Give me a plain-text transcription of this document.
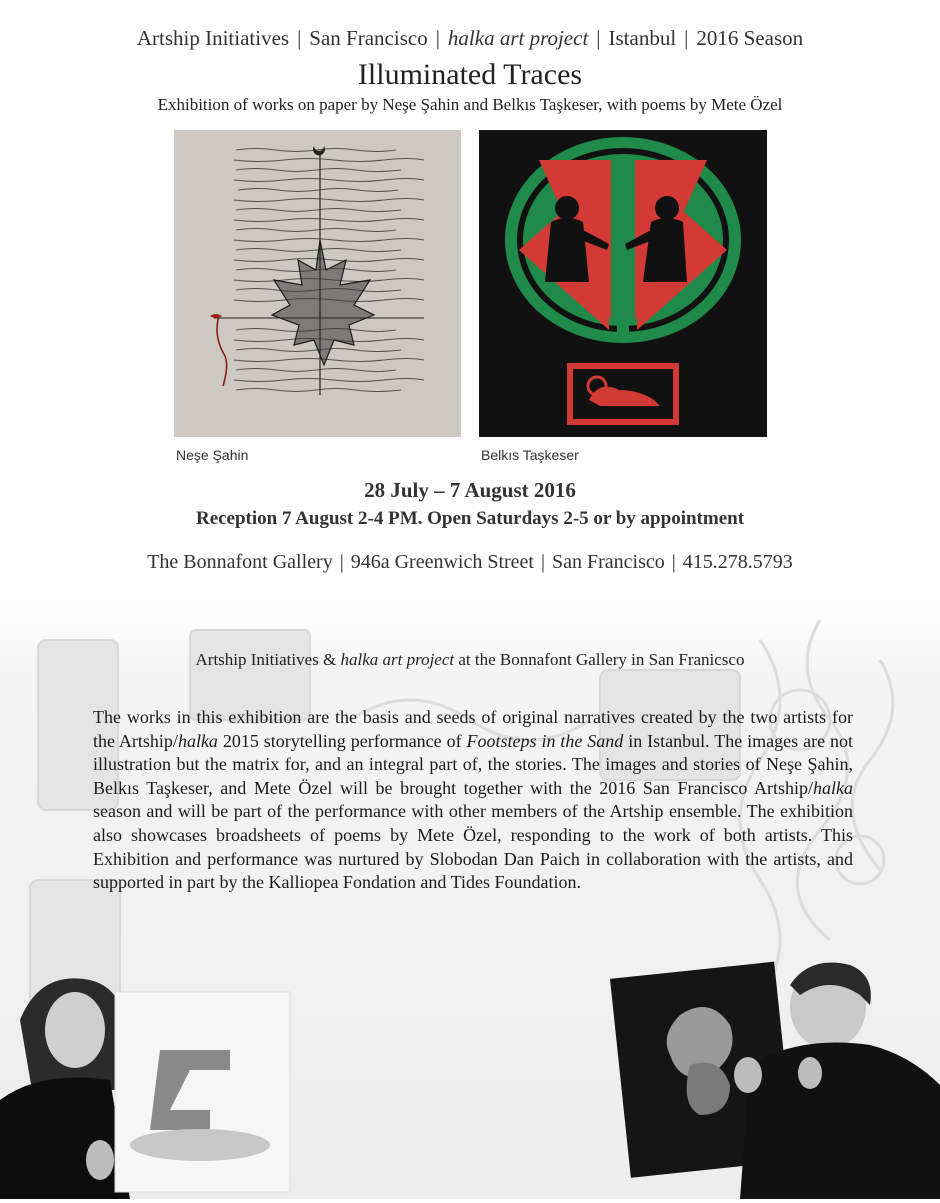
Artship Initiatives | San Francisco | halka art project | Istanbul | 2016 Season
Illuminated Traces
Exhibition of works on paper by Neşe Şahin and Belkıs Taşkeser, with poems by Mete Özel
Neşe Şahin	Belkıs Taşkeser
28 July – 7 August 2016
Reception 7 August 2-4 PM. Open Saturdays 2-5 or by appointment
The Bonnafont Gallery | 946a Greenwich Street | San Francisco | 415.278.5793
Artship Initiatives & halka art project at the Bonnafont Gallery in San Franicsco
The works in this exhibition are the basis and seeds of original narratives created by the two artists for the Artship/halka 2015 storytelling performance of Footsteps in the Sand in Istanbul. The images are not illustration but the matrix for, and an integral part of, the stories. The images and stories of Neşe Şahin, Belkıs Taşkeser, and Mete Özel will be brought together with the 2016 San Francisco Artship/halka season and will be part of the performance with other members of the Artship ensemble. The exhibition also showcases broadsheets of poems by Mete Özel, responding to the work of both artists. This Exhibition and performance was nurtured by Slobodan Dan Paich in collaboration with the artists, and supported in part by the Kalliopea Fondation and Tides Foundation.
